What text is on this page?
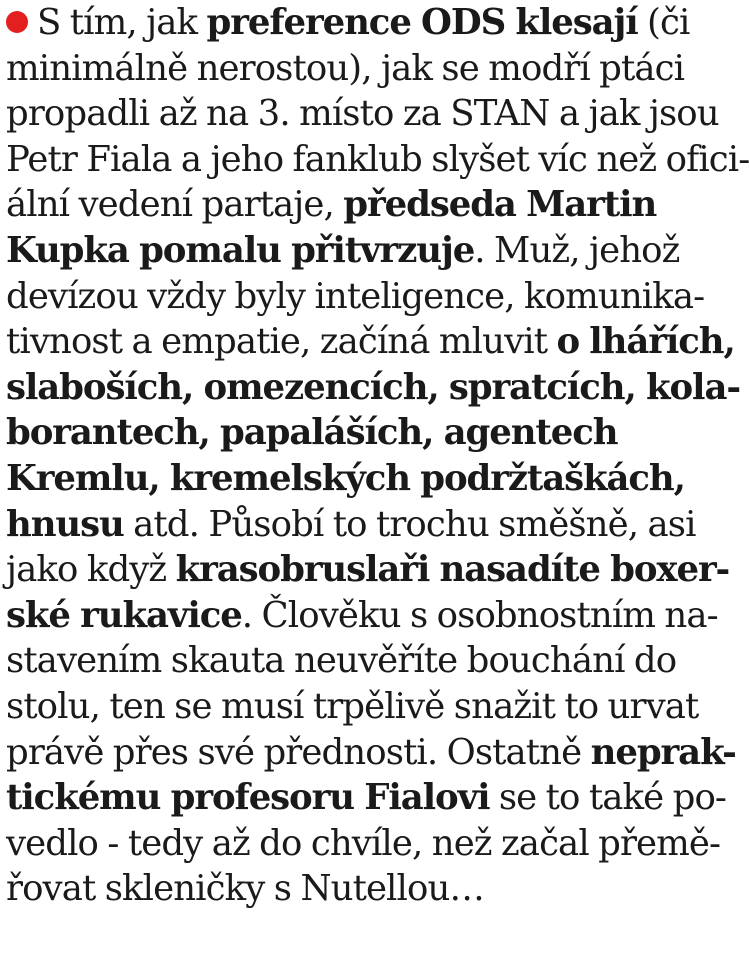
S tím, jak preference ODS klesají (či
minimálně nerostou), jak se modří ptáci
propadli až na 3. místo za STAN a jak jsou
Petr Fiala a jeho fanklub slyšet víc než ofici-
ální vedení partaje, předseda Martin
Kupka pomalu přitvrzuje. Muž, jehož
devízou vždy byly inteligence, komunika-
tivnost a empatie, začíná mluvit o lhářích,
slaboších, omezencích, spratcích, kola-
borantech, papaláších, agentech
Kremlu, kremelských podržtaškách,
hnusu atd. Působí to trochu směšně, asi
jako když krasobruslaři nasadíte boxer-
ské rukavice. Člověku s osobnostním na-
stavením skauta neuvěříte bouchání do
stolu, ten se musí trpělivě snažit to urvat
právě přes své přednosti. Ostatně neprak-
tickému profesoru Fialovi se to také po-
vedlo - tedy až do chvíle, než začal přemě-
řovat skleničky s Nutellou…
